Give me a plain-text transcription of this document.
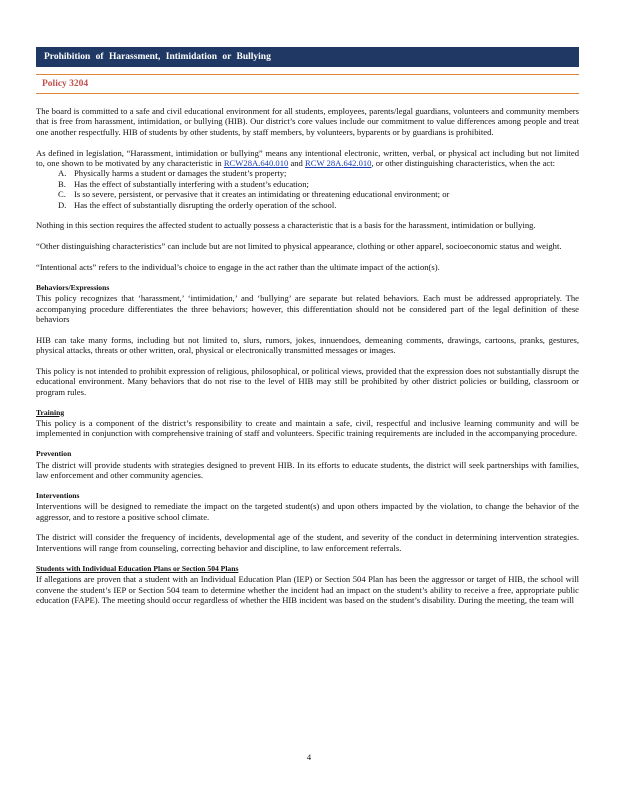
Prohibition of Harassment, Intimidation or Bullying
Policy 3204

The board is committed to a safe and civil educational environment for all students, employees, parents/legal guardians, volunteers and community members that is free from harassment, intimidation, or bullying (HIB). Our district’s core values include our commitment to value differences among people and treat one another respectfully. HIB of students by other students, by staff members, by volunteers, byparents or by guardians is prohibited.

As defined in legislation, “Harassment, intimidation or bullying” means any intentional electronic, written, verbal, or physical act including but not limited to, one shown to be motivated by any characteristic in RCW28A.640.010 and RCW 28A.642.010, or other distinguishing characteristics, when the act:

A. Physically harms a student or damages the student’s property;
B. Has the effect of substantially interfering with a student’s education;
C. Is so severe, persistent, or pervasive that it creates an intimidating or threatening educational environment; or
D. Has the effect of substantially disrupting the orderly operation of the school.

Nothing in this section requires the affected student to actually possess a characteristic that is a basis for the harassment, intimidation or bullying.

“Other distinguishing characteristics” can include but are not limited to physical appearance, clothing or other apparel, socioeconomic status and weight.

“Intentional acts” refers to the individual’s choice to engage in the act rather than the ultimate impact of the action(s).

Behaviors/Expressions

This policy recognizes that ‘harassment,’ ‘intimidation,’ and ‘bullying’ are separate but related behaviors. Each must be addressed appropriately. The accompanying procedure differentiates the three behaviors; however, this differentiation should not be considered part of the legal definition of these behaviors

HIB can take many forms, including but not limited to, slurs, rumors, jokes, innuendoes, demeaning comments, drawings, cartoons, pranks, gestures, physical attacks, threats or other written, oral, physical or electronically transmitted messages or images.

This policy is not intended to prohibit expression of religious, philosophical, or political views, provided that the expression does not substantially disrupt the educational environment. Many behaviors that do not rise to the level of HIB may still be prohibited by other district policies or building, classroom or program rules.

Training

This policy is a component of the district’s responsibility to create and maintain a safe, civil, respectful and inclusive learning community and will be implemented in conjunction with comprehensive training of staff and volunteers. Specific training requirements are included in the accompanying procedure.

Prevention

The district will provide students with strategies designed to prevent HIB. In its efforts to educate students, the district will seek partnerships with families, law enforcement and other community agencies.

Interventions

Interventions will be designed to remediate the impact on the targeted student(s) and upon others impacted by the violation, to change the behavior of the aggressor, and to restore a positive school climate.

The district will consider the frequency of incidents, developmental age of the student, and severity of the conduct in determining intervention strategies. Interventions will range from counseling, correcting behavior and discipline, to law enforcement referrals.

Students with Individual Education Plans or Section 504 Plans

If allegations are proven that a student with an Individual Education Plan (IEP) or Section 504 Plan has been the aggressor or target of HIB, the school will convene the student’s IEP or Section 504 team to determine whether the incident had an impact on the student’s ability to receive a free, appropriate public education (FAPE). The meeting should occur regardless of whether the HIB incident was based on the student’s disability. During the meeting, the team will

4
